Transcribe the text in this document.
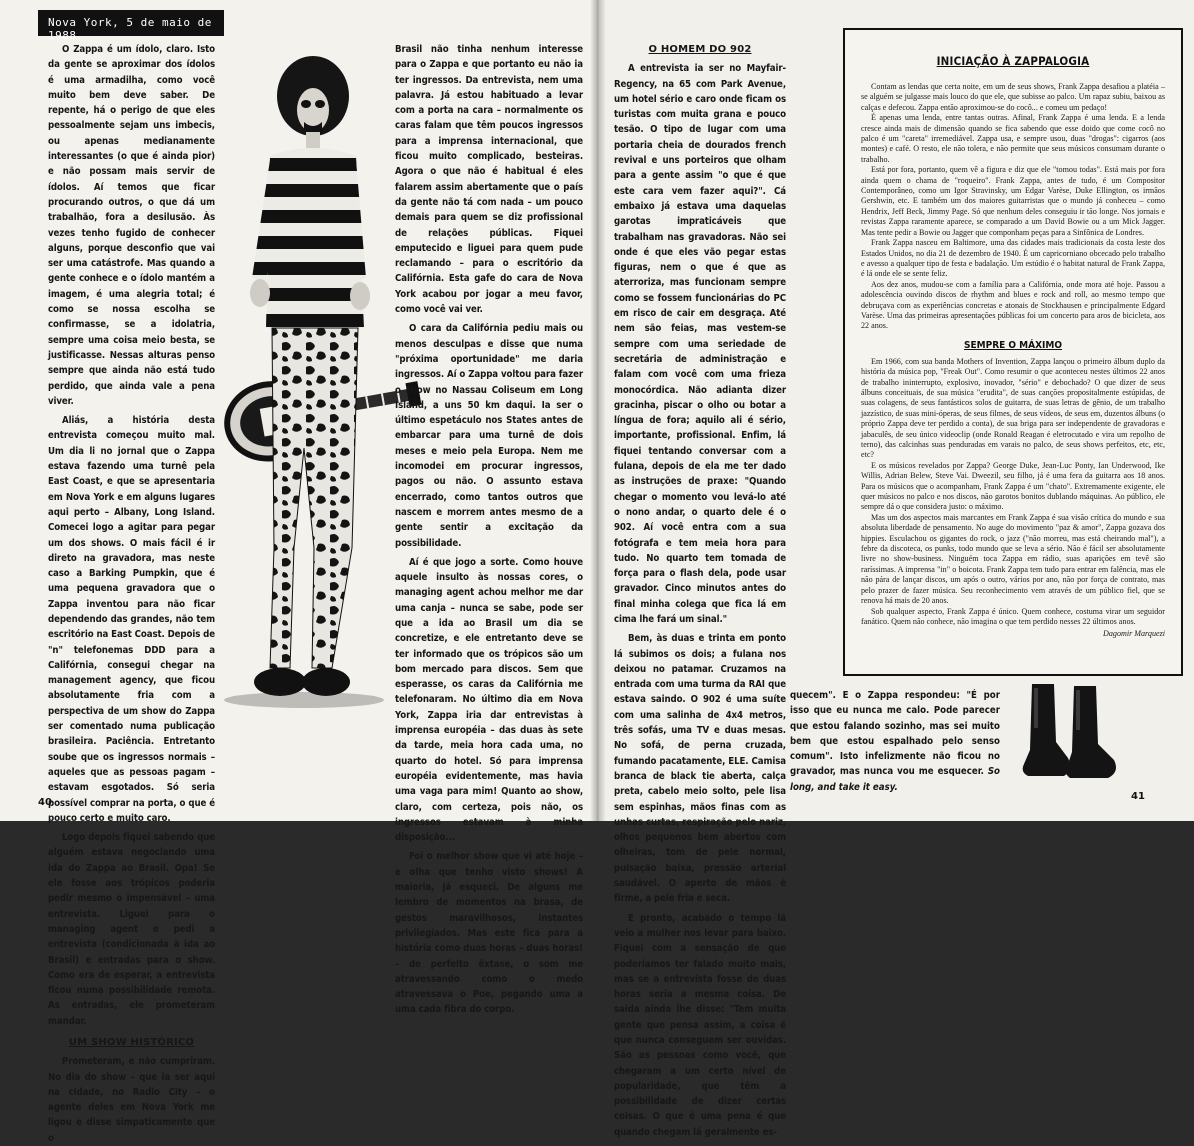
Nova York, 5 de maio de 1988.

O Zappa é um ídolo, claro. Isto da gente se aproximar dos ídolos é uma armadilha, como você muito bem deve saber. De repente, há o perigo de que eles pessoalmente sejam uns imbecis, ou apenas medianamente interessantes (o que é ainda pior) e não possam mais servir de ídolos. Aí temos que ficar procurando outros, o que dá um trabalhão, fora a desilusão. Às vezes tenho fugido de conhecer alguns, porque desconfio que vai ser uma catástrofe. Mas quando a gente conhece e o ídolo mantém a imagem, é uma alegria total; é como se nossa escolha se confirmasse, se a idolatria, sempre uma coisa meio besta, se justificasse. Nessas alturas penso sempre que ainda não está tudo perdido, que ainda vale a pena viver.

Aliás, a história desta entrevista começou muito mal. Um dia li no jornal que o Zappa estava fazendo uma turnê pela East Coast, e que se apresentaria em Nova York e em alguns lugares aqui perto – Albany, Long Island. Comecei logo a agitar para pegar um dos shows. O mais fácil é ir direto na gravadora, mas neste caso a Barking Pumpkin, que é uma pequena gravadora que o Zappa inventou para não ficar dependendo das grandes, não tem escritório na East Coast. Depois de "n" telefonemas DDD para a Califórnia, consegui chegar na management agency, que ficou absolutamente fria com a perspectiva de um show do Zappa ser comentado numa publicação brasileira. Paciência. Entretanto soube que os ingressos normais – aqueles que as pessoas pagam – estavam esgotados. Só seria possível comprar na porta, o que é pouco certo e muito caro.

Logo depois fiquei sabendo que alguém estava negociando uma ida do Zappa ao Brasil. Opa! Se ele fosse aos trópicos poderia pedir mesmo o impensável – uma entrevista. Liguei para o managing agent e pedi a entrevista (condicionada à ida ao Brasil) e entradas para o show. Como era de esperar, a entrevista ficou numa possibilidade remota. As entradas, ele prometeram mandar.

UM SHOW HISTÓRICO

Prometeram, e não cumpriram. No dia do show – que ia ser aqui na cidade, no Radio City – o agente deles em Nova York me ligou e disse simpaticamente que o

Brasil não tinha nenhum interesse para o Zappa e que portanto eu não ia ter ingressos. Da entrevista, nem uma palavra. Já estou habituado a levar com a porta na cara – normalmente os caras falam que têm poucos ingressos para a imprensa internacional, que ficou muito complicado, besteiras. Agora o que não é habitual é eles falarem assim abertamente que o país da gente não tá com nada – um pouco demais para quem se diz profissional de relações públicas. Fiquei emputecido e liguei para quem pude reclamando – para o escritório da Califórnia. Esta gafe do cara de Nova York acabou por jogar a meu favor, como você vai ver.

O cara da Califórnia pediu mais ou menos desculpas e disse que numa "próxima oportunidade" me daria ingressos. Aí o Zappa voltou para fazer o show no Nassau Coliseum em Long Island, a uns 50 km daqui. Ia ser o último espetáculo nos States antes de embarcar para uma turnê de dois meses e meio pela Europa. Nem me incomodei em procurar ingressos, pagos ou não. O assunto estava encerrado, como tantos outros que nascem e morrem antes mesmo de a gente sentir a excitação da possibilidade.

Aí é que jogo a sorte. Como houve aquele insulto às nossas cores, o managing agent achou melhor me dar uma canja – nunca se sabe, pode ser que a ida ao Brasil um dia se concretize, e ele entretanto deve se ter informado que os trópicos são um bom mercado para discos. Sem que esperasse, os caras da Califórnia me telefonaram. No último dia em Nova York, Zappa iria dar entrevistas à imprensa européia – das duas às sete da tarde, meia hora cada uma, no quarto do hotel. Só para imprensa européia evidentemente, mas havia uma vaga para mim! Quanto ao show, claro, com certeza, pois não, os ingressos estavam à minha disposição...

Foi o melhor show que vi até hoje – e olha que tenho visto shows! A maioria, já esqueci. De alguns me lembro de momentos na brasa, de gestos maravilhosos, instantes privilegiados. Mas este fica para a história como duas horas – duas horas! – de perfeito êxtase, o som me atravessando como o medo atravessava o Poe, pegando uma a uma cada fibra do corpo.

40
O HOMEM DO 902

A entrevista ia ser no Mayfair-Regency, na 65 com Park Avenue, um hotel sério e caro onde ficam os turistas com muita grana e pouco tesão. O tipo de lugar com uma portaria cheia de dourados french revival e uns porteiros que olham para a gente assim "o que é que este cara vem fazer aqui?". Cá embaixo já estava uma daquelas garotas impraticáveis que trabalham nas gravadoras. Não sei onde é que eles vão pegar estas figuras, nem o que é que as aterroriza, mas funcionam sempre como se fossem funcionárias do PC em risco de cair em desgraça. Até nem são feias, mas vestem-se sempre com uma seriedade de secretária de administração e falam com você com uma frieza monocórdica. Não adianta dizer gracinha, piscar o olho ou botar a língua de fora; aquilo ali é sério, importante, profissional. Enfim, lá fiquei tentando conversar com a fulana, depois de ela me ter dado as instruções de praxe: "Quando chegar o momento vou levá-lo até o nono andar, o quarto dele é o 902. Aí você entra com a sua fotógrafa e tem meia hora para tudo. No quarto tem tomada de força para o flash dela, pode usar gravador. Cinco minutos antes do final minha colega que fica lá em cima lhe fará um sinal."

Bem, às duas e trinta em ponto lá subimos os dois; a fulana nos deixou no patamar. Cruzamos na entrada com uma turma da RAI que estava saindo. O 902 é uma suíte com uma salinha de 4x4 metros, três sofás, uma TV e duas mesas. No sofá, de perna cruzada, fumando pacatamente, ELE. Camisa branca de black tie aberta, calça preta, cabelo meio solto, pele lisa sem espinhas, mãos finas com as unhas curtas, respiração pelo nariz, olhos pequenos bem abertos com olheiras, tom de pele normal, pulsação baixa, pressão arterial saudável. O aperto de mãos é firme, a pele fria e seca.

E pronto, acabado o tempo lá veio a mulher nos levar para baixo. Fiquei com a sensação de que poderíamos ter falado muito mais, mas se a entrevista fosse de duas horas seria a mesma coisa. De saída ainda lhe disse: "Tem muita gente que pensa assim, a coisa é que nunca conseguem ser ouvidas. São as pessoas como você, que chegaram a um certo nível de popularidade, que têm a possibilidade de dizer certas coisas. O que é uma pena é que quando chegam lá geralmente es-

INICIAÇÃO À ZAPPALOGIA

Contam as lendas que certa noite, em um de seus shows, Frank Zappa desafiou a platéia – se alguém se julgasse mais louco do que ele, que subisse ao palco. Um rapaz subiu, baixou as calças e defecou. Zappa então aproximou-se do cocô... e comeu um pedaço!

É apenas uma lenda, entre tantas outras. Afinal, Frank Zappa é uma lenda. E a lenda cresce ainda mais de dimensão quando se fica sabendo que esse doido que come cocô no palco é um "careta" irremediável. Zappa usa, e sempre usou, duas "drogas": cigarros (aos montes) e café. O resto, ele não tolera, e não permite que seus músicos consumam durante o trabalho.

Está por fora, portanto, quem vê a figura e diz que ele "tomou todas". Está mais por fora ainda quem o chama de "roqueiro". Frank Zappa, antes de tudo, é um Compositor Contemporâneo, como um Igor Stravinsky, um Edgar Varèse, Duke Ellington, os irmãos Gershwin, etc. E também um dos maiores guitarristas que o mundo já conheceu – como Hendrix, Jeff Beck, Jimmy Page. Só que nenhum deles conseguiu ir tão longe. Nos jornais e revistas Zappa raramente aparece, se comparado a um David Bowie ou a um Mick Jagger. Mas tente pedir a Bowie ou Jagger que componham peças para a Sinfônica de Londres.

Frank Zappa nasceu em Baltimore, uma das cidades mais tradicionais da costa leste dos Estados Unidos, no dia 21 de dezembro de 1940. É um capricorniano obcecado pelo trabalho e avesso a qualquer tipo de festa e badalação. Um estúdio é o habitat natural de Frank Zappa, é lá onde ele se sente feliz.

Aos dez anos, mudou-se com a família para a Califórnia, onde mora até hoje. Passou a adolescência ouvindo discos de rhythm and blues e rock and roll, ao mesmo tempo que debruçava com as experiências concretas e atonais de Stockhausen e principalmente Edgard Varèse. Uma das primeiras apresentações públicas foi um concerto para aros de bicicleta, aos 22 anos.

SEMPRE O MÁXIMO

Em 1966, com sua banda Mothers of Invention, Zappa lançou o primeiro álbum duplo da história da música pop, "Freak Out". Como resumir o que aconteceu nestes últimos 22 anos de trabalho ininterrupto, explosivo, inovador, "sério" e debochado? O que dizer de seus álbuns conceituais, de sua música "erudita", de suas canções propositalmente estúpidas, de suas colagens, de seus fantásticos solos de guitarra, de suas letras de gênio, de um trabalho jazzístico, de suas mini-óperas, de seus filmes, de seus vídeos, de seus em, duzentos álbuns (o próprio Zappa deve ter perdido a conta), de sua briga para ser independente de gravadoras e jabaculês, de seu único videoclip (onde Ronald Reagan é eletrocutado e vira um repolho de terno), das calcinhas suas penduradas em varais no palco, de seus shows perfeitos, etc, etc, etc?

E os músicos revelados por Zappa? George Duke, Jean-Luc Ponty, Ian Underwood, Ike Willis, Adrian Belew, Steve Vai. Dweezil, seu filho, já é uma fera da guitarra aos 18 anos. Para os músicos que o acompanham, Frank Zappa é um "chato". Extremamente exigente, ele quer músicos no palco e nos discos, não garotos bonitos dublando máquinas. Ao público, ele sempre dá o que considera justo: o máximo.

Mas um dos aspectos mais marcantes em Frank Zappa é sua visão crítica do mundo e sua absoluta liberdade de pensamento. No auge do movimento "paz & amor", Zappa gozava dos hippies. Esculachou os gigantes do rock, o jazz ("não morreu, mas está cheirando mal"), a febre da discoteca, os punks, todo mundo que se leva a sério. Não é fácil ser absolutamente livre no show-business. Ninguém toca Zappa em rádio, suas aparições em tevê são raríssimas. A imprensa "in" o boicota. Frank Zappa tem tudo para entrar em falência, mas ele não pára de lançar discos, um após o outro, vários por ano, não por força de contrato, mas pelo prazer de fazer música. Seu reconhecimento vem através de um público fiel, que se renova há mais de 20 anos.

Sob qualquer aspecto, Frank Zappa é único. Quem conhece, costuma virar um seguidor fanático. Quem não conhece, não imagina o que tem perdido nesses 22 últimos anos.

Dagomir Marquezi

quecem". E o Zappa respondeu: "É por isso que eu nunca me calo. Pode parecer que estou falando sozinho, mas sei muito bem que estou espalhado pelo senso comum". Isto infelizmente não ficou no gravador, mas nunca vou me esquecer. So long, and take it easy.
41
